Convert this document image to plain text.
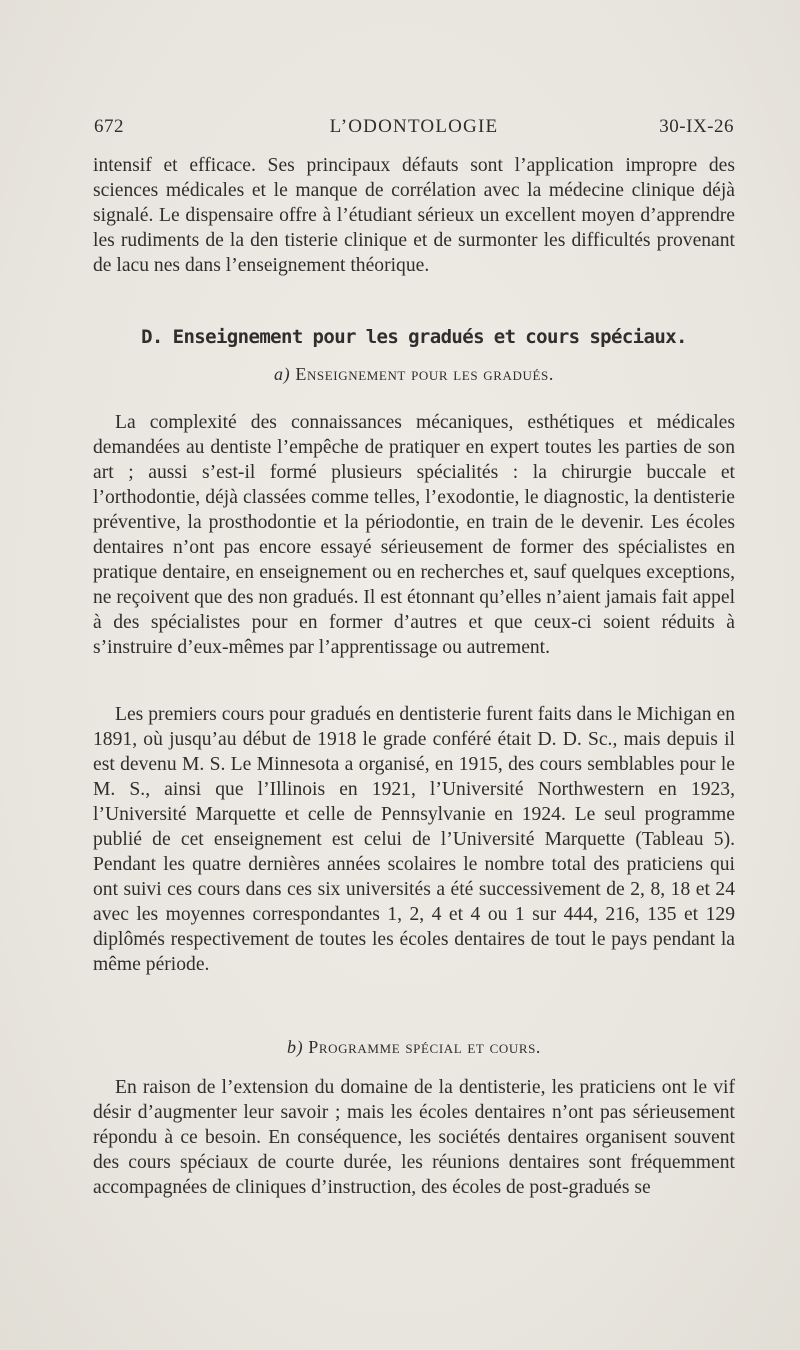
672	L’ODONTOLOGIE	30-IX-26

intensif et efficace. Ses principaux défauts sont l’application impropre des sciences médicales et le manque de corrélation avec la médecine clinique déjà signalé. Le dispensaire offre à l’étudiant sérieux un excellent moyen d’apprendre les rudiments de la den tisterie clinique et de surmonter les difficultés provenant de lacu nes dans l’enseignement théorique.

D. Enseignement pour les gradués et cours spéciaux.
a) Enseignement pour les gradués.

La complexité des connaissances mécaniques, esthétiques et médicales demandées au dentiste l’empêche de pratiquer en expert toutes les parties de son art ; aussi s’est-il formé plusieurs spécialités : la chirurgie buccale et l’orthodontie, déjà classées comme telles, l’exodontie, le diagnostic, la dentisterie préventive, la prosthodontie et la périodontie, en train de le devenir. Les écoles dentaires n’ont pas encore essayé sérieusement de former des spécialistes en pratique dentaire, en enseignement ou en recherches et, sauf quelques exceptions, ne reçoivent que des non gradués. Il est étonnant qu’elles n’aient jamais fait appel à des spécialistes pour en former d’autres et que ceux-ci soient réduits à s’instruire d’eux-mêmes par l’apprentissage ou autrement.

Les premiers cours pour gradués en dentisterie furent faits dans le Michigan en 1891, où jusqu’au début de 1918 le grade conféré était D. D. Sc., mais depuis il est devenu M. S. Le Minnesota a organisé, en 1915, des cours semblables pour le M. S., ainsi que l’Illinois en 1921, l’Université Northwestern en 1923, l’Université Marquette et celle de Pennsylvanie en 1924. Le seul programme publié de cet enseignement est celui de l’Université Marquette (Tableau 5). Pendant les quatre dernières années scolaires le nombre total des praticiens qui ont suivi ces cours dans ces six universités a été successivement de 2, 8, 18 et 24 avec les moyennes correspondantes 1, 2, 4 et 4 ou 1 sur 444, 216, 135 et 129 diplômés respectivement de toutes les écoles dentaires de tout le pays pendant la même période.

b) Programme spécial et cours.

En raison de l’extension du domaine de la dentisterie, les praticiens ont le vif désir d’augmenter leur savoir ; mais les écoles dentaires n’ont pas sérieusement répondu à ce besoin. En conséquence, les sociétés dentaires organisent souvent des cours spéciaux de courte durée, les réunions dentaires sont fréquemment accompagnées de cliniques d’instruction, des écoles de post-gradués se
